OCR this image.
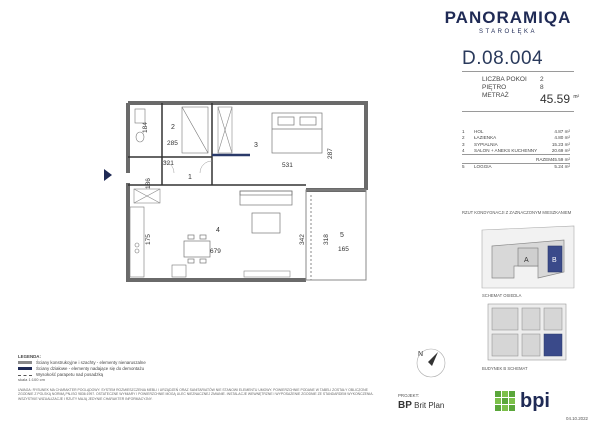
PANORAMIQA
STAROŁĘKA
D.08.004
LICZBA POKOI 2
PIĘTRO	8
METRAŻ	45.59 $^{m^2}$
1 HOL	4.87 m²
2 ŁAZIENKA	4.80 m²
3 SYPIALNIA	15.23 m²
4 SALON + ANEKS KUCHENNY	20.69 m²
RAZEM 45.59 m²
5 LOGGIA	5.24 m²
RZUT KONDYGNACJI Z ZAZNACZONYM MIESZKANIEM
1
2
3
4
5
184
285
321	531
287
186
175
679
342	318
165
A	B
SCHEMAT OSIEDLA
BUDYNEK B SCHEMAT
N
LEGENDA:
Ściany konstrukcyjne i szachty - elementy nienaruszalne
Ściany działowe - elementy nadające się do demontażu
Wysokość parapetu nad posadzką
skala 1:100 cm
UWAGA: RYSUNEK MA CHARAKTER POGLĄDOWY. SYSTEM ROZMIESZCZENIA MEBLI I URZĄDZEŃ ORAZ SANITARIATÓW NIE STANOWI ELEMENTU UMOWY. POWIERZCHNIE PODANE W TABELI ZOSTAŁY OBLICZONE ZGODNIE Z POLSKĄ NORMĄ PN-ISO 9836:1997. OSTATECZNE WYMIARY I POWIERZCHNIE MOGĄ ULEC NIEZNACZNEJ ZMIANIE. INSTALACJE WEWNĘTRZNE I WYPOSAŻENIE ZGODNIE ZE STANDARDEM WYKOŃCZENIA. WSZYSTKIE WIZUALIZACJE I RZUTY MAJĄ JEDYNIE CHARAKTER INFORMACYJNY.
PROJEKT:
BP Brit Plan	bpi
04.10.2022
